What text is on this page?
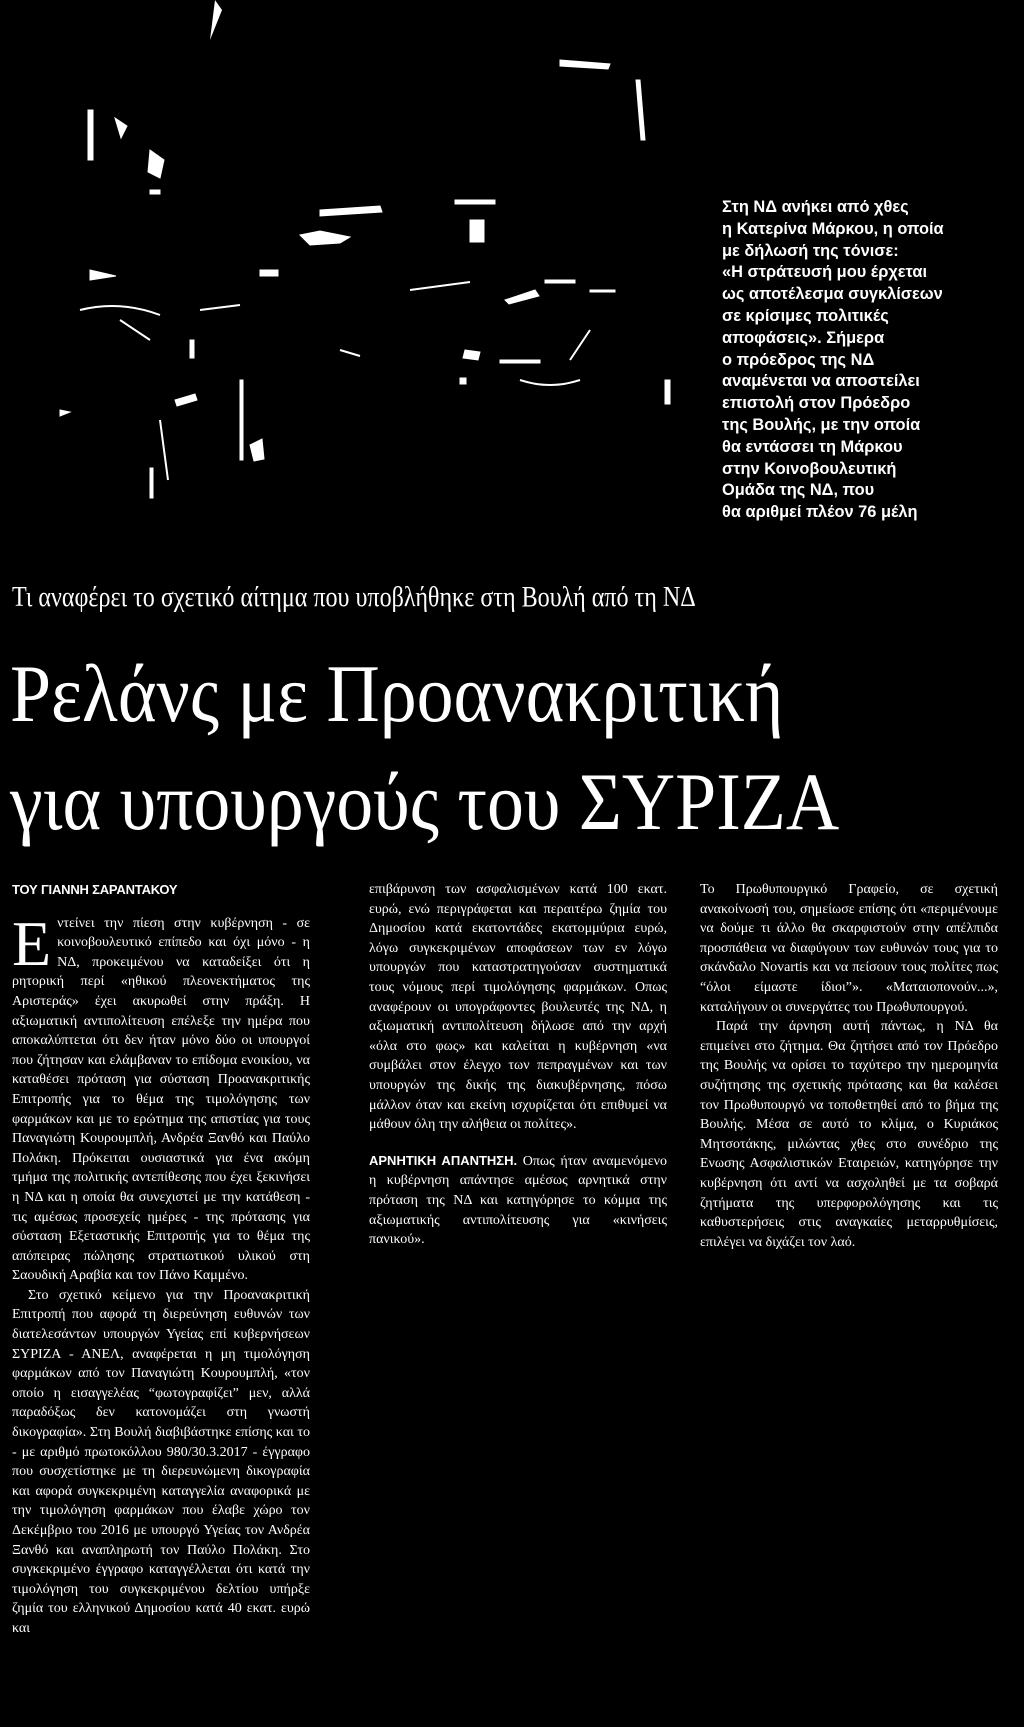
Στη ΝΔ ανήκει από χθες
η Κατερίνα Μάρκου, η οποία
με δήλωσή της τόνισε:
«Η στράτευσή μου έρχεται
ως αποτέλεσμα συγκλίσεων
σε κρίσιμες πολιτικές
αποφάσεις». Σήμερα
ο πρόεδρος της ΝΔ
αναμένεται να αποστείλει
επιστολή στον Πρόεδρο
της Βουλής, με την οποία
θα εντάσσει τη Μάρκου
στην Κοινοβουλευτική
Ομάδα της ΝΔ, που
θα αριθμεί πλέον 76 μέλη
Τι αναφέρει το σχετικό αίτημα που υποβλήθηκε στη Βουλή από τη ΝΔ
Ρελάνς με Προανακριτική
για υπουργούς του ΣΥΡΙΖΑ
ΤΟΥ ΓΙΑΝΝΗ ΣΑΡΑΝΤΑΚΟΥ

Εντείνει την πίεση στην κυβέρνηση - σε κοινοβουλευτικό επίπεδο και όχι μόνο - η ΝΔ, προκειμένου να καταδείξει ότι η ρητορική περί «ηθικού πλεονεκτήματος της Αριστεράς» έχει ακυρωθεί στην πράξη. Η αξιωματική αντιπολίτευση επέλεξε την ημέρα που αποκαλύπτεται ότι δεν ήταν μόνο δύο οι υπουργοί που ζήτησαν και ελάμβαναν το επίδομα ενοικίου, να καταθέσει πρόταση για σύσταση Προανακριτικής Επιτροπής για το θέμα της τιμολόγησης των φαρμάκων και με το ερώτημα της απιστίας για τους Παναγιώτη Κουρουμπλή, Ανδρέα Ξανθό και Παύλο Πολάκη. Πρόκειται ουσιαστικά για ένα ακόμη τμήμα της πολιτικής αντεπίθεσης που έχει ξεκινήσει η ΝΔ και η οποία θα συνεχιστεί με την κατάθεση - τις αμέσως προσεχείς ημέρες - της πρότασης για σύσταση Εξεταστικής Επιτροπής για το θέμα της απόπειρας πώλησης στρατιωτικού υλικού στη Σαουδική Αραβία και τον Πάνο Καμμένο.

Στο σχετικό κείμενο για την Προανακριτική Επιτροπή που αφορά τη διερεύνηση ευθυνών των διατελεσάντων υπουργών Υγείας επί κυβερνήσεων ΣΥΡΙΖΑ - ΑΝΕΛ, αναφέρεται η μη τιμολόγηση φαρμάκων από τον Παναγιώτη Κουρουμπλή, «τον οποίο η εισαγγελέας “φωτογραφίζει” μεν, αλλά παραδόξως δεν κατονομάζει στη γνωστή δικογραφία». Στη Βουλή διαβιβάστηκε επίσης και το - με αριθμό πρωτοκόλλου 980/30.3.2017 - έγγραφο που συσχετίστηκε με τη διερευνώμενη δικογραφία και αφορά συγκεκριμένη καταγγελία αναφορικά με την τιμολόγηση φαρμάκων που έλαβε χώρο τον Δεκέμβριο του 2016 με υπουργό Υγείας τον Ανδρέα Ξανθό και αναπληρωτή τον Παύλο Πολάκη. Στο συγκεκριμένο έγγραφο καταγγέλλεται ότι κατά την τιμολόγηση του συγκεκριμένου δελτίου υπήρξε ζημία του ελληνικού Δημοσίου κατά 40 εκατ. ευρώ και

επιβάρυνση των ασφαλισμένων κατά 100 εκατ. ευρώ, ενώ περιγράφεται και περαιτέρω ζημία του Δημοσίου κατά εκατοντάδες εκατομμύρια ευρώ, λόγω συγκεκριμένων αποφάσεων των εν λόγω υπουργών που καταστρατηγούσαν συστηματικά τους νόμους περί τιμολόγησης φαρμάκων. Οπως αναφέρουν οι υπογράφοντες βουλευτές της ΝΔ, η αξιωματική αντιπολίτευση δήλωσε από την αρχή «όλα στο φως» και καλείται η κυβέρνηση «να συμβάλει στον έλεγχο των πεπραγμένων και των υπουργών της δικής της διακυβέρνησης, πόσω μάλλον όταν και εκείνη ισχυρίζεται ότι επιθυμεί να μάθουν όλη την αλήθεια οι πολίτες».

ΑΡΝΗΤΙΚΗ ΑΠΑΝΤΗΣΗ. Οπως ήταν αναμενόμενο η κυβέρνηση απάντησε αμέσως αρνητικά στην πρόταση της ΝΔ και κατηγόρησε το κόμμα της αξιωματικής αντιπολίτευσης για «κινήσεις πανικού».

Το Πρωθυπουργικό Γραφείο, σε σχετική ανακοίνωσή του, σημείωσε επίσης ότι «περιμένουμε να δούμε τι άλλο θα σκαρφιστούν στην απέλπιδα προσπάθεια να διαφύγουν των ευθυνών τους για το σκάνδαλο Novartis και να πείσουν τους πολίτες πως “όλοι είμαστε ίδιοι”». «Ματαιοπονούν...», καταλήγουν οι συνεργάτες του Πρωθυπουργού.

Παρά την άρνηση αυτή πάντως, η ΝΔ θα επιμείνει στο ζήτημα. Θα ζητήσει από τον Πρόεδρο της Βουλής να ορίσει το ταχύτερο την ημερομηνία συζήτησης της σχετικής πρότασης και θα καλέσει τον Πρωθυπουργό να τοποθετηθεί από το βήμα της Βουλής. Μέσα σε αυτό το κλίμα, ο Κυριάκος Μητσοτάκης, μιλώντας χθες στο συνέδριο της Ενωσης Ασφαλιστικών Εταιρειών, κατηγόρησε την κυβέρνηση ότι αντί να ασχοληθεί με τα σοβαρά ζητήματα της υπερφορολόγησης και τις καθυστερήσεις στις αναγκαίες μεταρρυθμίσεις, επιλέγει να διχάζει τον λαό.
